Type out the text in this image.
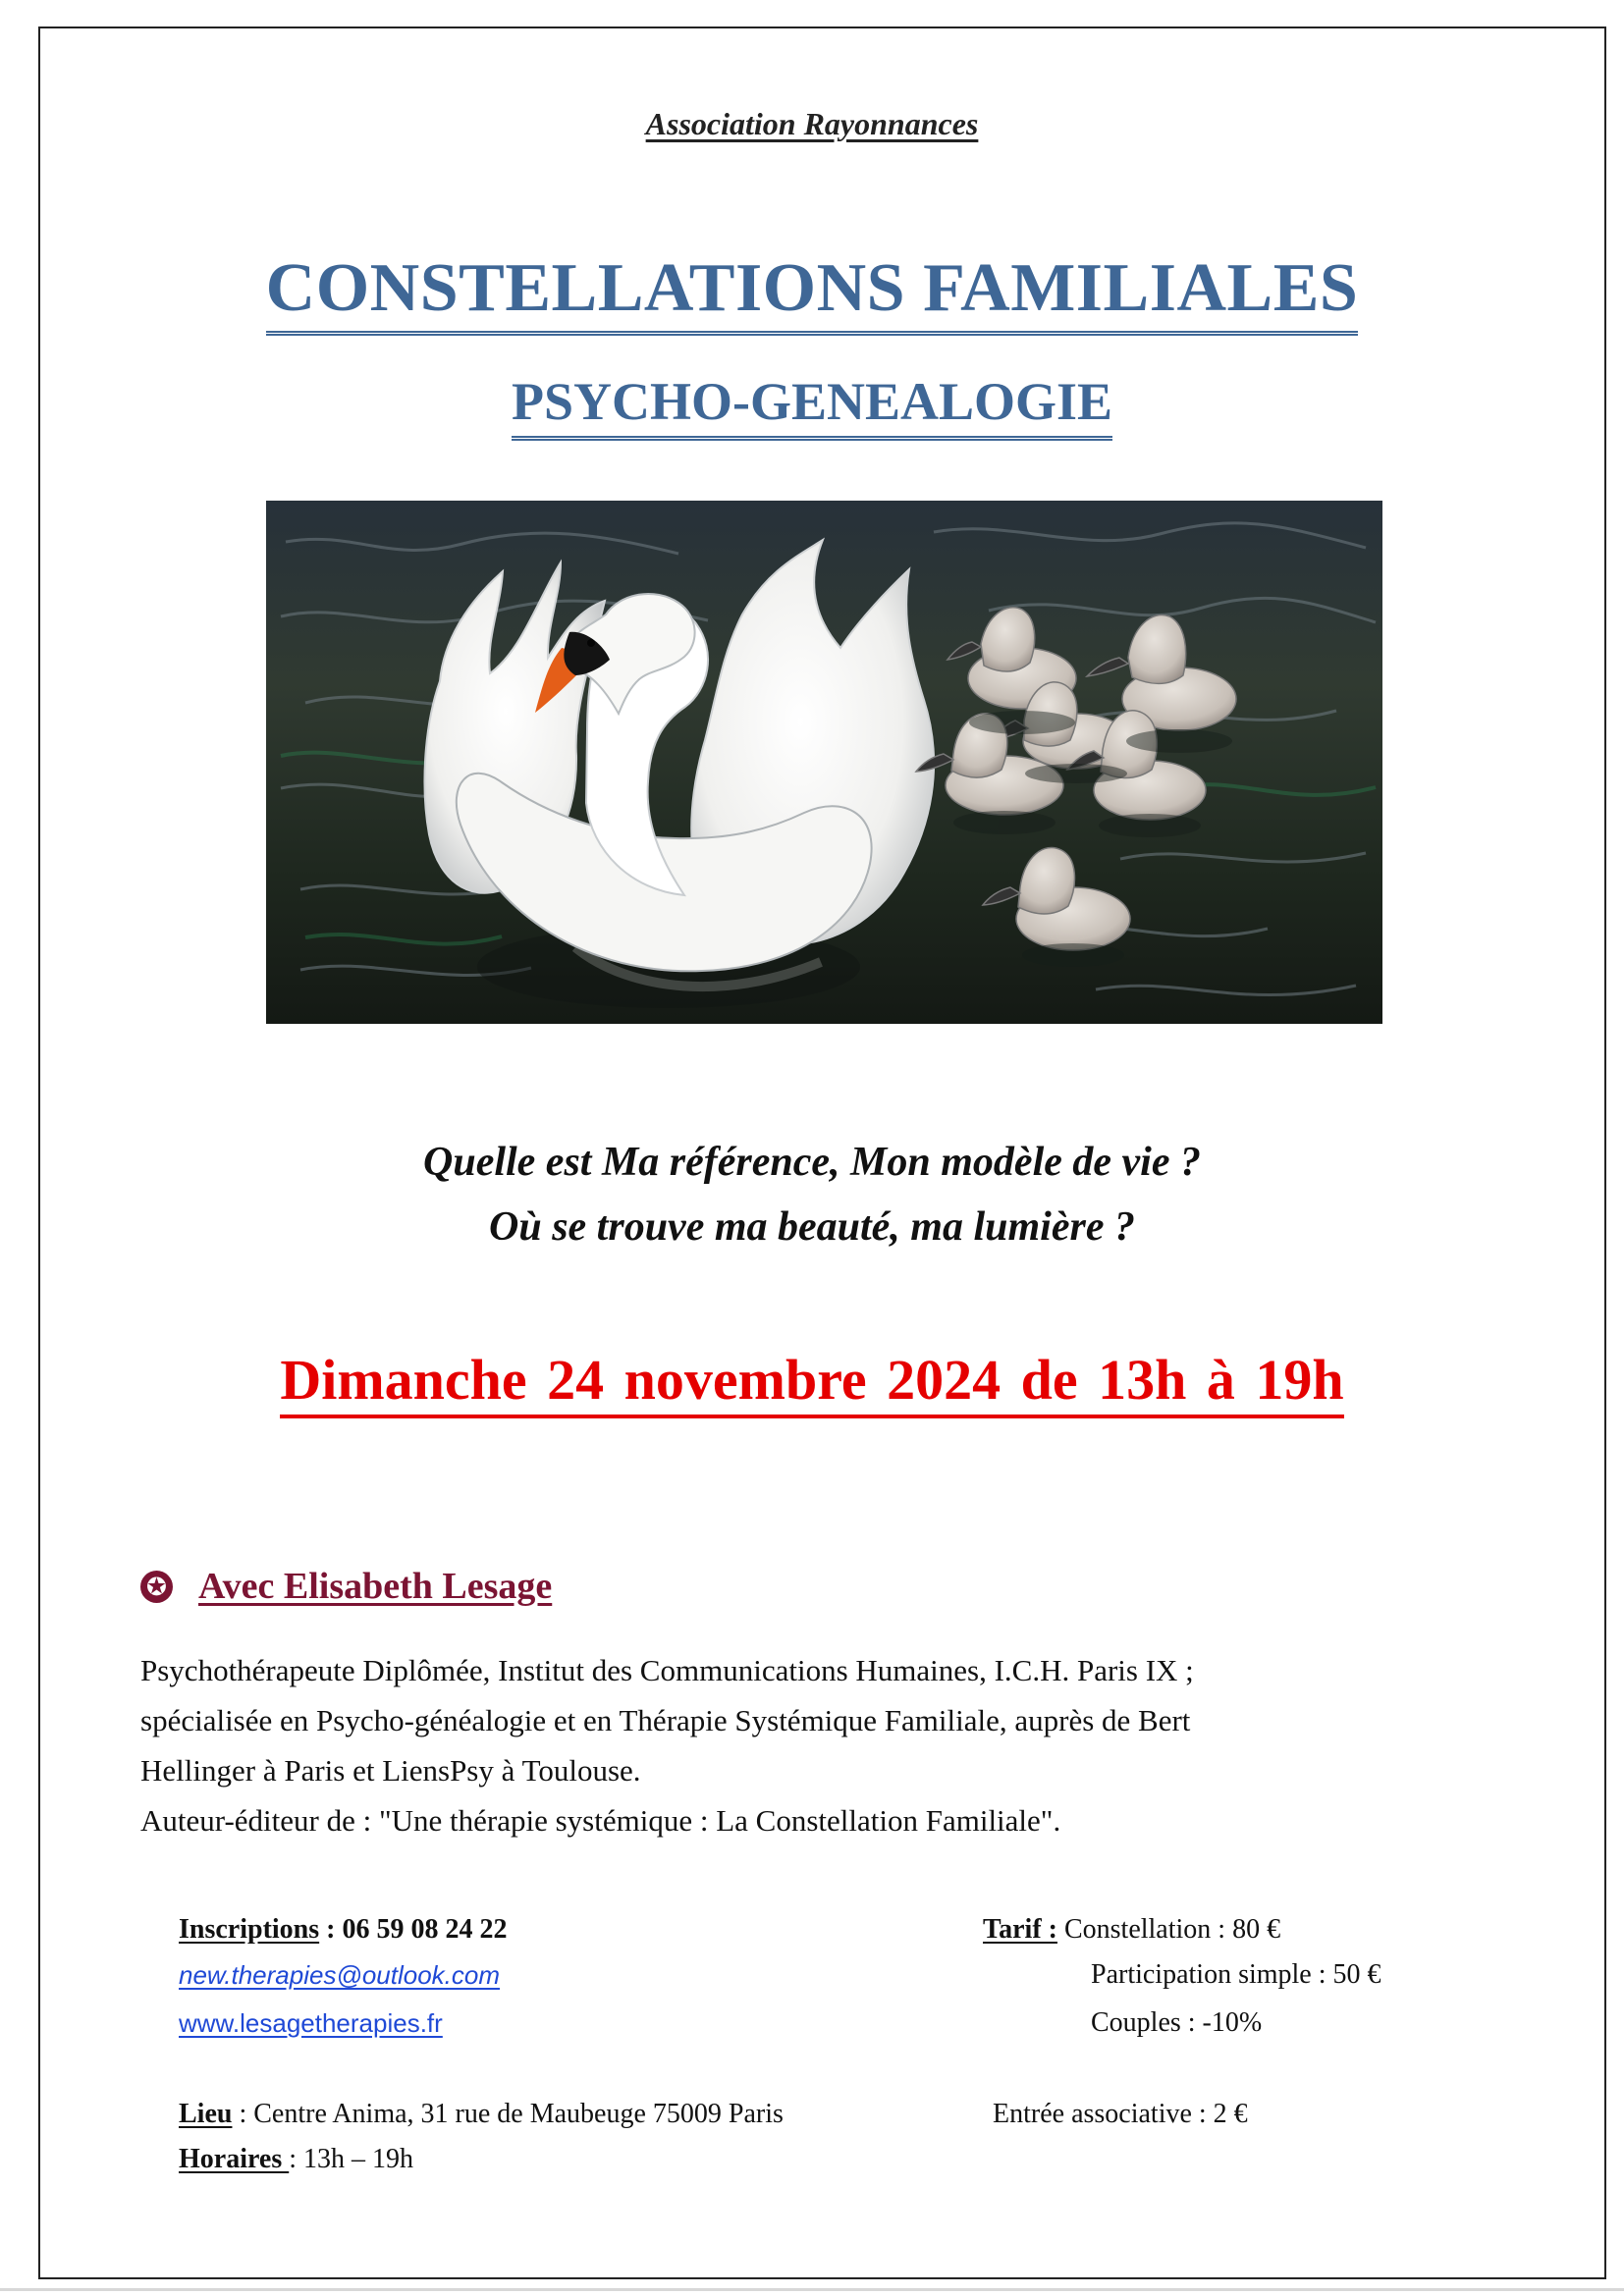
Association Rayonnances
CONSTELLATIONS FAMILIALES
PSYCHO-GENEALOGIE
Quelle est Ma référence, Mon modèle de vie ?
Où se trouve ma beauté, ma lumière ?
Dimanche 24 novembre 2024 de 13h à 19h
✪ Avec Elisabeth Lesage
Psychothérapeute Diplômée, Institut des Communications Humaines, I.C.H. Paris IX ;
spécialisée en Psycho-généalogie et en Thérapie Systémique Familiale, auprès de Bert
Hellinger à Paris et LiensPsy à Toulouse.
Auteur-éditeur de : "Une thérapie systémique : La Constellation Familiale".
Inscriptions : 06 59 08 24 22
new.therapies@outlook.com
www.lesagetherapies.fr
Tarif : Constellation : 80 €
Participation simple : 50 €
Couples : -10%
Lieu : Centre Anima, 31 rue de Maubeuge 75009 Paris	Entrée associative : 2 €
Horaires : 13h – 19h
